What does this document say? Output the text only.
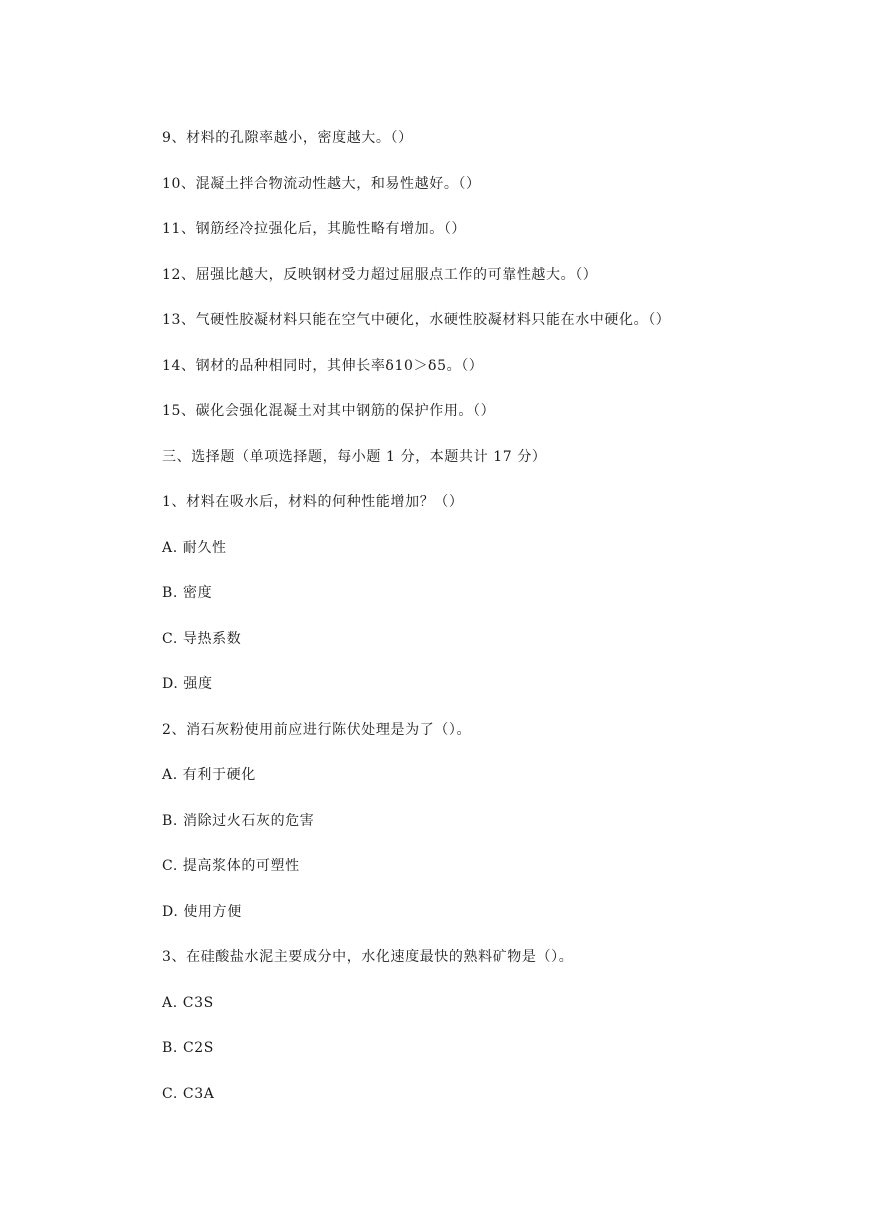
9、材料的孔隙率越小，密度越大。（）
10、混凝土拌合物流动性越大，和易性越好。（）
11、钢筋经冷拉强化后，其脆性略有增加。（）
12、屈强比越大，反映钢材受力超过屈服点工作的可靠性越大。（）
13、气硬性胶凝材料只能在空气中硬化，水硬性胶凝材料只能在水中硬化。（）
14、钢材的品种相同时，其伸长率δ10＞δ5。（）
15、碳化会强化混凝土对其中钢筋的保护作用。（）
三、选择题（单项选择题，每小题 1 分，本题共计 17 分）
1、材料在吸水后，材料的何种性能增加？（）
A. 耐久性
B. 密度
C. 导热系数
D. 强度
2、消石灰粉使用前应进行陈伏处理是为了（）。
A. 有利于硬化
B. 消除过火石灰的危害
C. 提高浆体的可塑性
D. 使用方便
3、在硅酸盐水泥主要成分中，水化速度最快的熟料矿物是（）。
A. C3S
B. C2S
C. C3A
